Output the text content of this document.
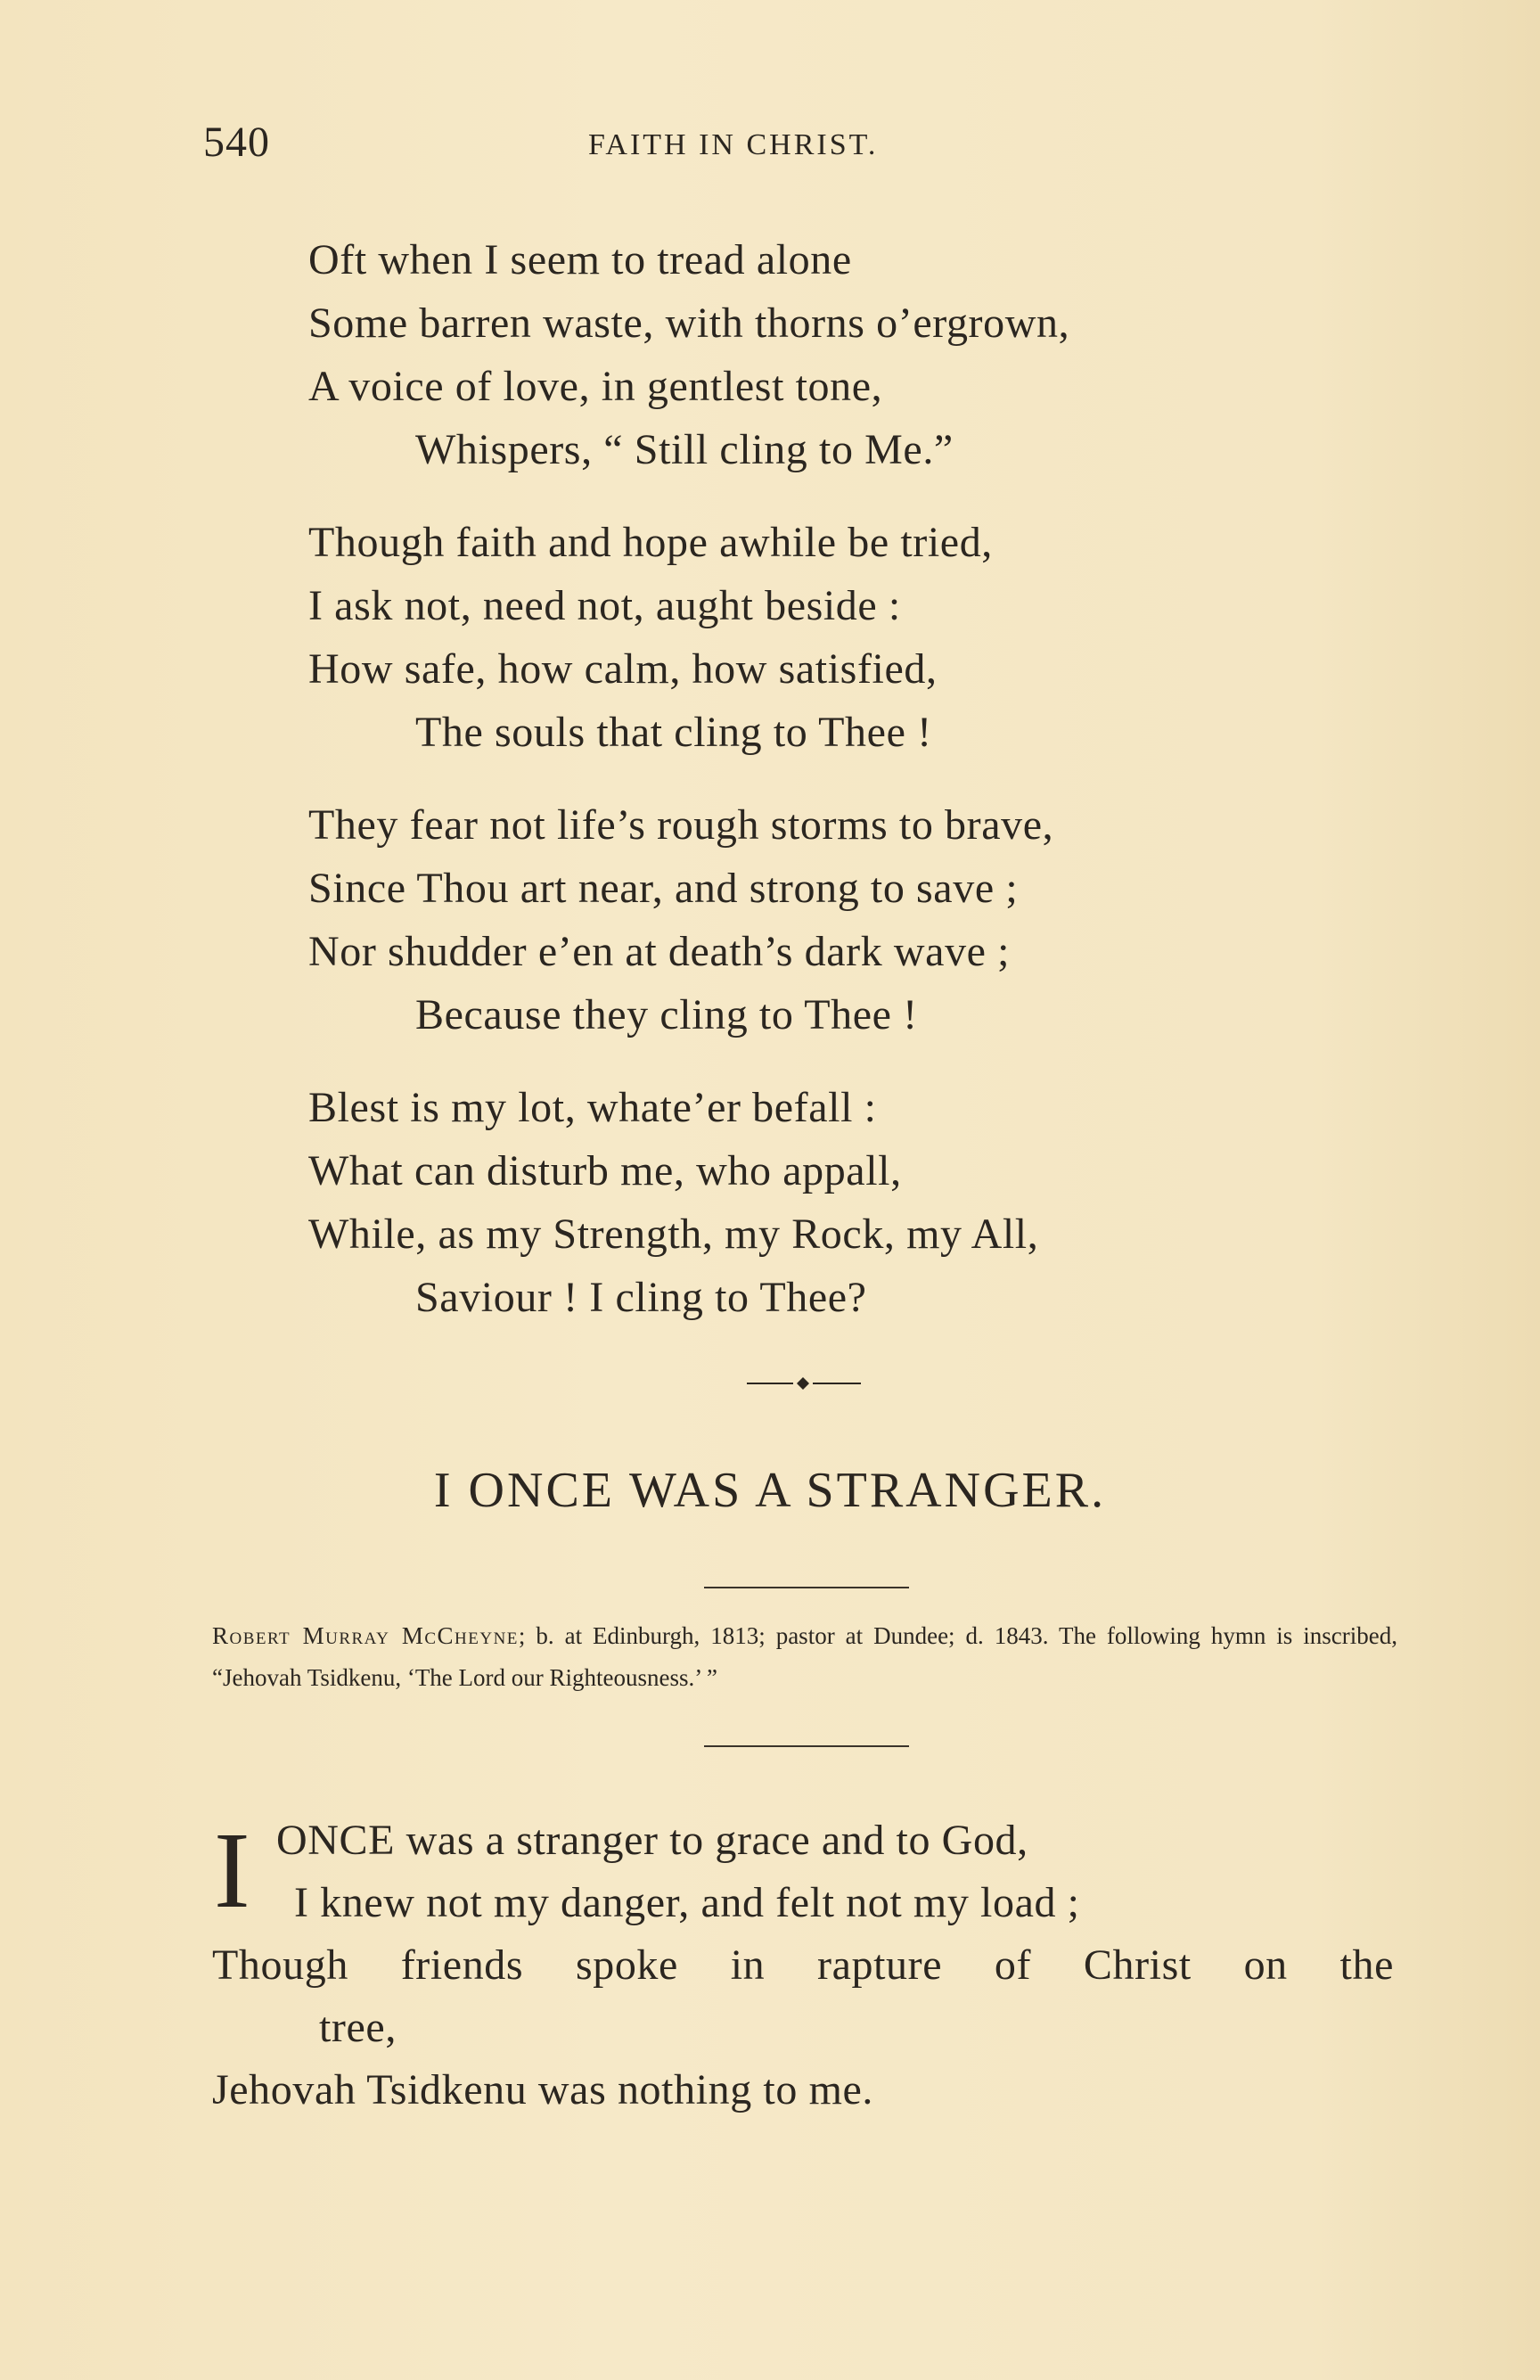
540	FAITH IN CHRIST.
Oft when I seem to tread alone
Some barren waste, with thorns o’ergrown,
A voice of love, in gentlest tone,
Whispers, “ Still cling to Me.”
Though faith and hope awhile be tried,
I ask not, need not, aught beside :
How safe, how calm, how satisfied,
The souls that cling to Thee !
They fear not life’s rough storms to brave,
Since Thou art near, and strong to save ;
Nor shudder e’en at death’s dark wave ;
Because they cling to Thee !
Blest is my lot, whate’er befall :
What can disturb me, who appall,
While, as my Strength, my Rock, my All,
Saviour ! I cling to Thee?
I ONCE WAS A STRANGER.
Robert Murray McCheyne; b. at Edinburgh, 1813; pastor at Dundee; d. 1843. The following hymn is inscribed, “Jehovah Tsidkenu, ‘The Lord our Righteousness.’ ”
I ONCE was a stranger to grace and to God,
I knew not my danger, and felt not my load ;
Though friends spoke in rapture of Christ on the
tree,
Jehovah Tsidkenu was nothing to me.
